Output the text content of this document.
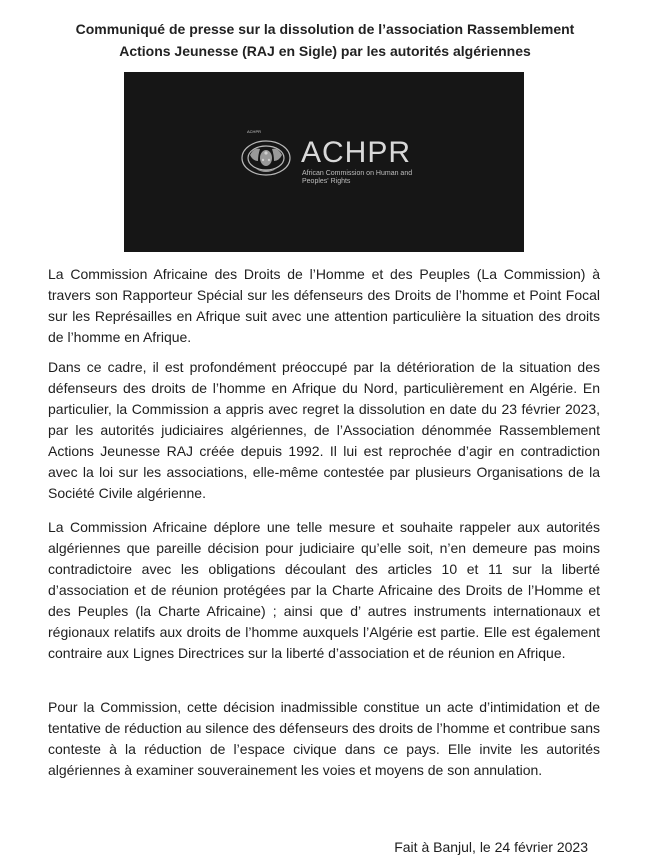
Communiqué de presse sur la dissolution de l’association Rassemblement
Actions Jeunesse (RAJ en Sigle) par les autorités algériennes
ACHPR
ACHPR
African Commission on Human and Peoples' Rights

La Commission Africaine des Droits de l’Homme et des Peuples (La Commission) à travers son Rapporteur Spécial sur les défenseurs des Droits de l’homme et Point Focal sur les Représailles en Afrique suit avec une attention particulière la situation des droits de l’homme en Afrique.

Dans ce cadre, il est profondément préoccupé par la détérioration de la situation des défenseurs des droits de l’homme en Afrique du Nord, particulièrement en Algérie. En particulier, la Commission a appris avec regret la dissolution en date du 23 février 2023, par les autorités judiciaires algériennes, de l’Association dénommée Rassemblement Actions Jeunesse RAJ créée depuis 1992. Il lui est reprochée d’agir en contradiction avec la loi sur les associations, elle-même contestée par plusieurs Organisations de la Société Civile algérienne.

La Commission Africaine déplore une telle mesure et souhaite rappeler aux autorités algériennes que pareille décision pour judiciaire qu’elle soit, n’en demeure pas moins contradictoire avec les obligations découlant des articles 10 et 11 sur la liberté d’association et de réunion protégées par la Charte Africaine des Droits de l’Homme et des Peuples (la Charte Africaine) ; ainsi que d’ autres instruments internationaux et régionaux relatifs aux droits de l’homme auxquels l’Algérie est partie. Elle est également contraire aux Lignes Directrices sur la liberté d’association et de réunion en Afrique.

Pour la Commission, cette décision inadmissible constitue un acte d’intimidation et de tentative de réduction au silence des défenseurs des droits de l’homme et contribue sans conteste à la réduction de l’espace civique dans ce pays. Elle invite les autorités algériennes à examiner souverainement les voies et moyens de son annulation.

Fait à Banjul, le 24 février 2023
